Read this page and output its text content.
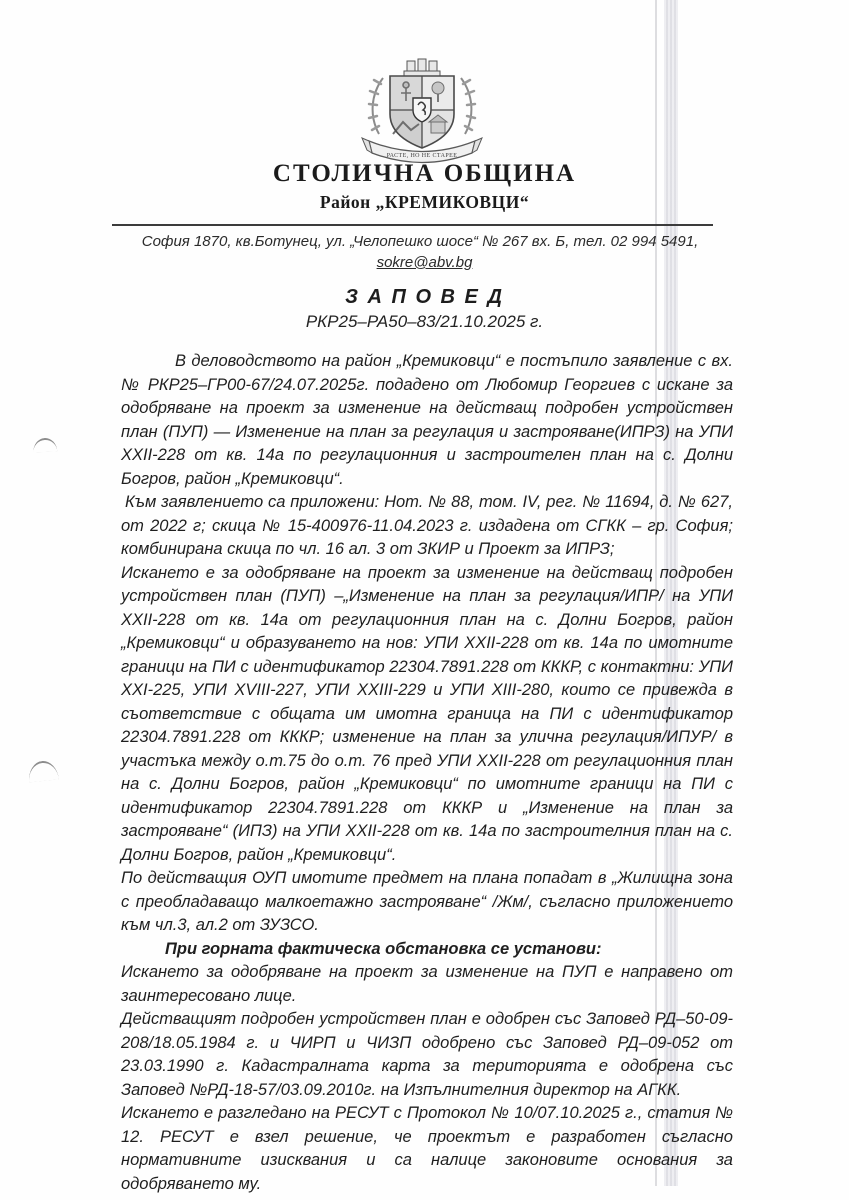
РАСТЕ, НО НЕ СТАРЕЕ
СТОЛИЧНА ОБЩИНА
Район „КРЕМИКОВЦИ“
София 1870, кв.Ботунец, ул. „Челопешко шосе“ № 267 вх. Б, тел. 02 994 5491,
sokre@abv.bg
З А П О В Е Д
РКР25–РА50–83/21.10.2025 г.

В деловодството на район „Кремиковци“ е постъпило заявление с вх.№ РКР25–ГР00-67/24.07.2025г. подадено от Любомир Георгиев с искане за одобряване на проект за изменение на действащ подробен устройствен план (ПУП) — Изменение на план за регулация и застрояване(ИПРЗ) на УПИ XXII-228 от кв. 14а по регулационния и застроителен план на с. Долни Богров, район „Кремиковци“.

Към заявлението са приложени: Нот. № 88, том. IV, рег. № 11694, д. № 627, от 2022 г; скица № 15-400976-11.04.2023 г. издадена от СГКК – гр. София; комбинирана скица по чл. 16 ал. 3 от ЗКИР и Проект за ИПРЗ;

Искането е за одобряване на проект за изменение на действащ подробен устройствен план (ПУП) –„Изменение на план за регулация/ИПР/ на УПИ XXII-228 от кв. 14а от регулационния план на с. Долни Богров, район „Кремиковци“ и образуването на нов: УПИ XXII-228 от кв. 14а по имотните граници на ПИ с идентификатор 22304.7891.228 от КККР, с контактни: УПИ XXI-225, УПИ XVIII-227, УПИ XXIII-229 и УПИ XIII-280, които се привежда в съответствие с общата им имотна граница на ПИ с идентификатор 22304.7891.228 от КККР; изменение на план за улична регулация/ИПУР/ в участъка между о.т.75 до о.т. 76 пред УПИ XXII-228 от регулационния план на с. Долни Богров, район „Кремиковци“ по имотните граници на ПИ с идентификатор 22304.7891.228 от КККР и „Изменение на план за застрояване“ (ИПЗ) на УПИ XXII-228 от кв. 14а по застроителния план на с. Долни Богров, район „Кремиковци“.

По действащия ОУП имотите предмет на плана попадат в „Жилищна зона с преобладаващо малкоетажно застрояване“ /Жм/, съгласно приложението към чл.3, ал.2 от ЗУЗСО.

При горната фактическа обстановка се установи:

Искането за одобряване на проект за изменение на ПУП е направено от заинтересовано лице.

Действащият подробен устройствен план е одобрен със Заповед РД–50-09-208/18.05.1984 г. и ЧИРП и ЧИЗП одобрено със Заповед РД–09-052 от 23.03.1990 г. Кадастралната карта за територията е одобрена със Заповед №РД-18-57/03.09.2010г. на Изпълнителния директор на АГКК.

Искането е разгледано на РЕСУТ с Протокол № 10/07.10.2025 г., статия № 12. РЕСУТ е взел решение, че проектът е разработен съгласно нормативните изисквания и са налице законовите основания за одобряването му.
